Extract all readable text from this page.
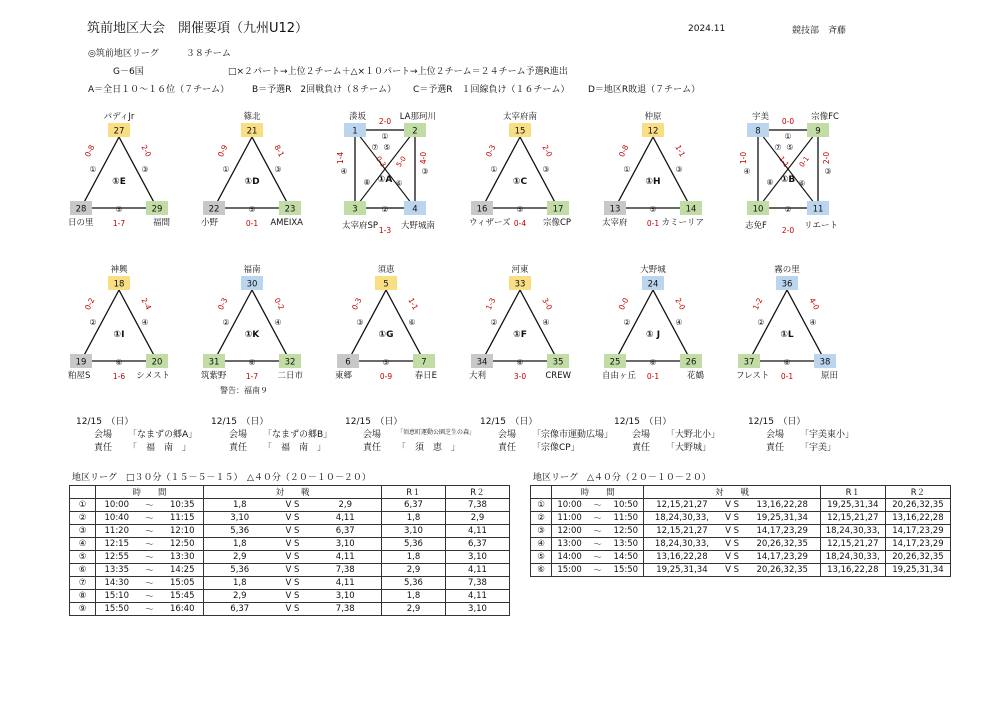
筑前地区大会　開催要項（九州U12）	2024.11	競技部　斉藤
◎筑前地区リーグ　　　３８チーム
G－6国	□×２パート→上位２チーム＋△×１０パート→上位２チーム＝２４チーム予選R進出
A＝全日１０～１６位（７チーム）	B＝予選R　2回戦負け（８チーム） C＝予選R　１回線負け（１６チーム） D＝地区R敗退（７チーム）
パディJr
27
28	29
日の里	福間
①E
0-8	2-0
1-7
①	③
⑤
篠北
21
22	23
小野	AMEIXA
①D
0-9	8-1
0-1
①	③
⑤
太宰府南
15
16	17
ウィザーズ	宗像CP
①C
0-3	2-0
0-4
①	③
⑤
仲原
12
13	14
太宰府	カミーリア
①H
0-8	1-1
0-1
①	③
⑤
神興
18
19	20
粕屋S	シメスト
①I
0-2	2-4
1-6
②	④
⑥
福南
30
31	32
筑紫野	二日市
①K
0-3	0-2
1-7
②	④
⑥
警告：福南９
須恵
5
6	7
東郷	春日E
①G
0-3	1-1
0-9
③	⑥
⑤
河東
33
34	35
大利	CREW
①F
1-3	3-0
3-0
②	④
⑥
大野城
24
25	26
自由ヶ丘	花鶴
① J
0-0	2-0
0-1
②	④
⑥
霧の里
36
37	38
フレスト	原田
①L
1-2	4-0
0-1
②	④
⑥
1	2
3	4
湊坂	LA那珂川
太宰府SP	大野城南
①A
2-0
1-4	4-0
1-3
0-3 5-0
①
④	③
②
⑦
⑧
⑤
⑥
8	9
10	11
宇美	宗像FC
志免F	リエート
①B
0-0
1-0	2-0
2-0
1-1 0-1
①
④	③
②
⑦
⑧
⑤
⑥
12/15　（日）
会場 「なまずの郷A」
責任 「　福　南　」
12/15　（日）
会場 「なまずの郷B」
責任 「　福　南　」
12/15　（日）
会場	「須恵町運動公園芝生の森」
責任 「　須　恵　」
12/15　（日）
会場 「宗像市運動広場」
責任 「宗像CP」
12/15　（日）
会場 「大野北小」
責任 「大野城」
12/15　（日）
会場 「宇美東小」
責任 「宇美」
地区リーグ　□３０分（１５－５－１５）　△４０分（２０－１０－２０）
	時　　間			対　　戦			R１	R２
①	10:00	～	10:35	1,8	V S	2,9	6,37	7,38
②	10:40	～	11:15	3,10	V S	4,11	1,8	2,9
③	11:20	～	12:10	5,36	V S	6,37	3,10	4,11
④	12:15	～	12:50	1,8	V S	3,10	5,36	6,37
⑤	12:55	～	13:30	2,9	V S	4,11	1,8	3,10
⑥	13:35	～	14:25	5,36	V S	7,38	2,9	4,11
⑦	14:30	～	15:05	1,8	V S	4,11	5,36	7,38
⑧	15:10	～	15:45	2,9	V S	3,10	1,8	4,11
⑨	15:50	～	16:40	6,37	V S	7,38	2,9	3,10
地区リーグ　△４０分（２０－１０－２０）
	時　　間			対　　戦			R１	R２
①	10:00	～	10:50	12,15,21,27	V S	13,16,22,28	19,25,31,34	20,26,32,35
②	11:00	～	11:50	18,24,30,33,	V S	19,25,31,34	12,15,21,27	13,16,22,28
③	12:00	～	12:50	12,15,21,27	V S	14,17,23,29	18,24,30,33,	14,17,23,29
④	13:00	～	13:50	18,24,30,33,	V S	20,26,32,35	12,15,21,27	14,17,23,29
⑤	14:00	～	14:50	13,16,22,28	V S	14,17,23,29	18,24,30,33,	20,26,32,35
⑥	15:00	～	15:50	19,25,31,34	V S	20,26,32,35	13,16,22,28	19,25,31,34
